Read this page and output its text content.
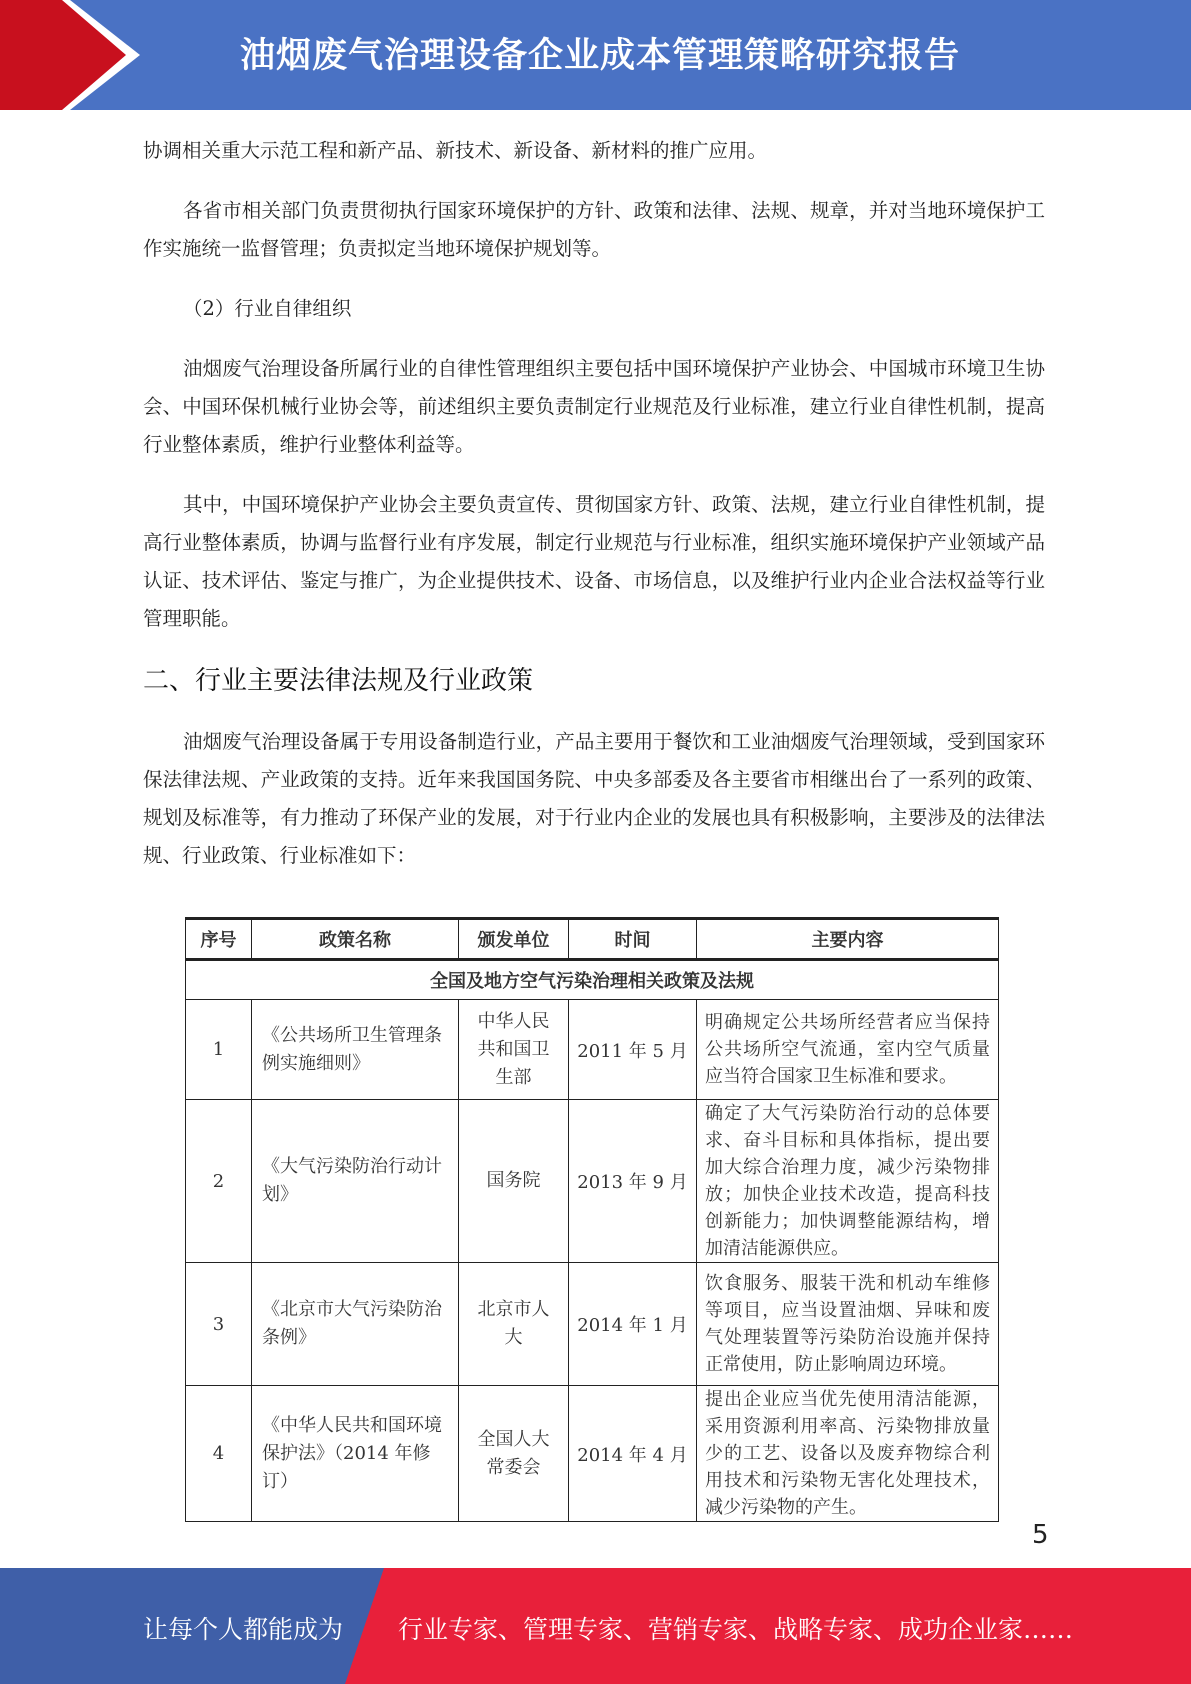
油烟废气治理设备企业成本管理策略研究报告

协调相关重大示范工程和新产品、新技术、新设备、新材料的推广应用。

各省市相关部门负责贯彻执行国家环境保护的方针、政策和法律、法规、规章，并对当地环境保护工作实施统一监督管理；负责拟定当地环境保护规划等。

（2）行业自律组织

油烟废气治理设备所属行业的自律性管理组织主要包括中国环境保护产业协会、中国城市环境卫生协会、中国环保机械行业协会等，前述组织主要负责制定行业规范及行业标准，建立行业自律性机制，提高行业整体素质，维护行业整体利益等。

其中，中国环境保护产业协会主要负责宣传、贯彻国家方针、政策、法规，建立行业自律性机制，提高行业整体素质，协调与监督行业有序发展，制定行业规范与行业标准，组织实施环境保护产业领域产品认证、技术评估、鉴定与推广，为企业提供技术、设备、市场信息，以及维护行业内企业合法权益等行业管理职能。

二、行业主要法律法规及行业政策

油烟废气治理设备属于专用设备制造行业，产品主要用于餐饮和工业油烟废气治理领域，受到国家环保法律法规、产业政策的支持。近年来我国国务院、中央多部委及各主要省市相继出台了一系列的政策、规划及标准等，有力推动了环保产业的发展，对于行业内企业的发展也具有积极影响，主要涉及的法律法规、行业政策、行业标准如下：

序号	政策名称	颁发单位	时间	主要内容
全国及地方空气污染治理相关政策及法规				
1	《公共场所卫生管理条例实施细则》	中华人民共和国卫生部	2011 年 5 月	明确规定公共场所经营者应当保持公共场所空气流通，室内空气质量应当符合国家卫生标准和要求。
2	《大气污染防治行动计划》	国务院	2013 年 9 月	确定了大气污染防治行动的总体要求、奋斗目标和具体指标，提出要加大综合治理力度，减少污染物排放；加快企业技术改造，提高科技创新能力；加快调整能源结构，增加清洁能源供应。
3	《北京市大气污染防治条例》	北京市人大	2014 年 1 月	饮食服务、服装干洗和机动车维修等项目，应当设置油烟、异味和废气处理装置等污染防治设施并保持正常使用，防止影响周边环境。
4	《中华人民共和国环境保护法》（2014 年修订）	全国人大常委会	2014 年 4 月	提出企业应当优先使用清洁能源，采用资源利用率高、污染物排放量少的工艺、设备以及废弃物综合利用技术和污染物无害化处理技术，减少污染物的产生。
5
让每个人都能成为 行业专家、管理专家、营销专家、战略专家、成功企业家……
